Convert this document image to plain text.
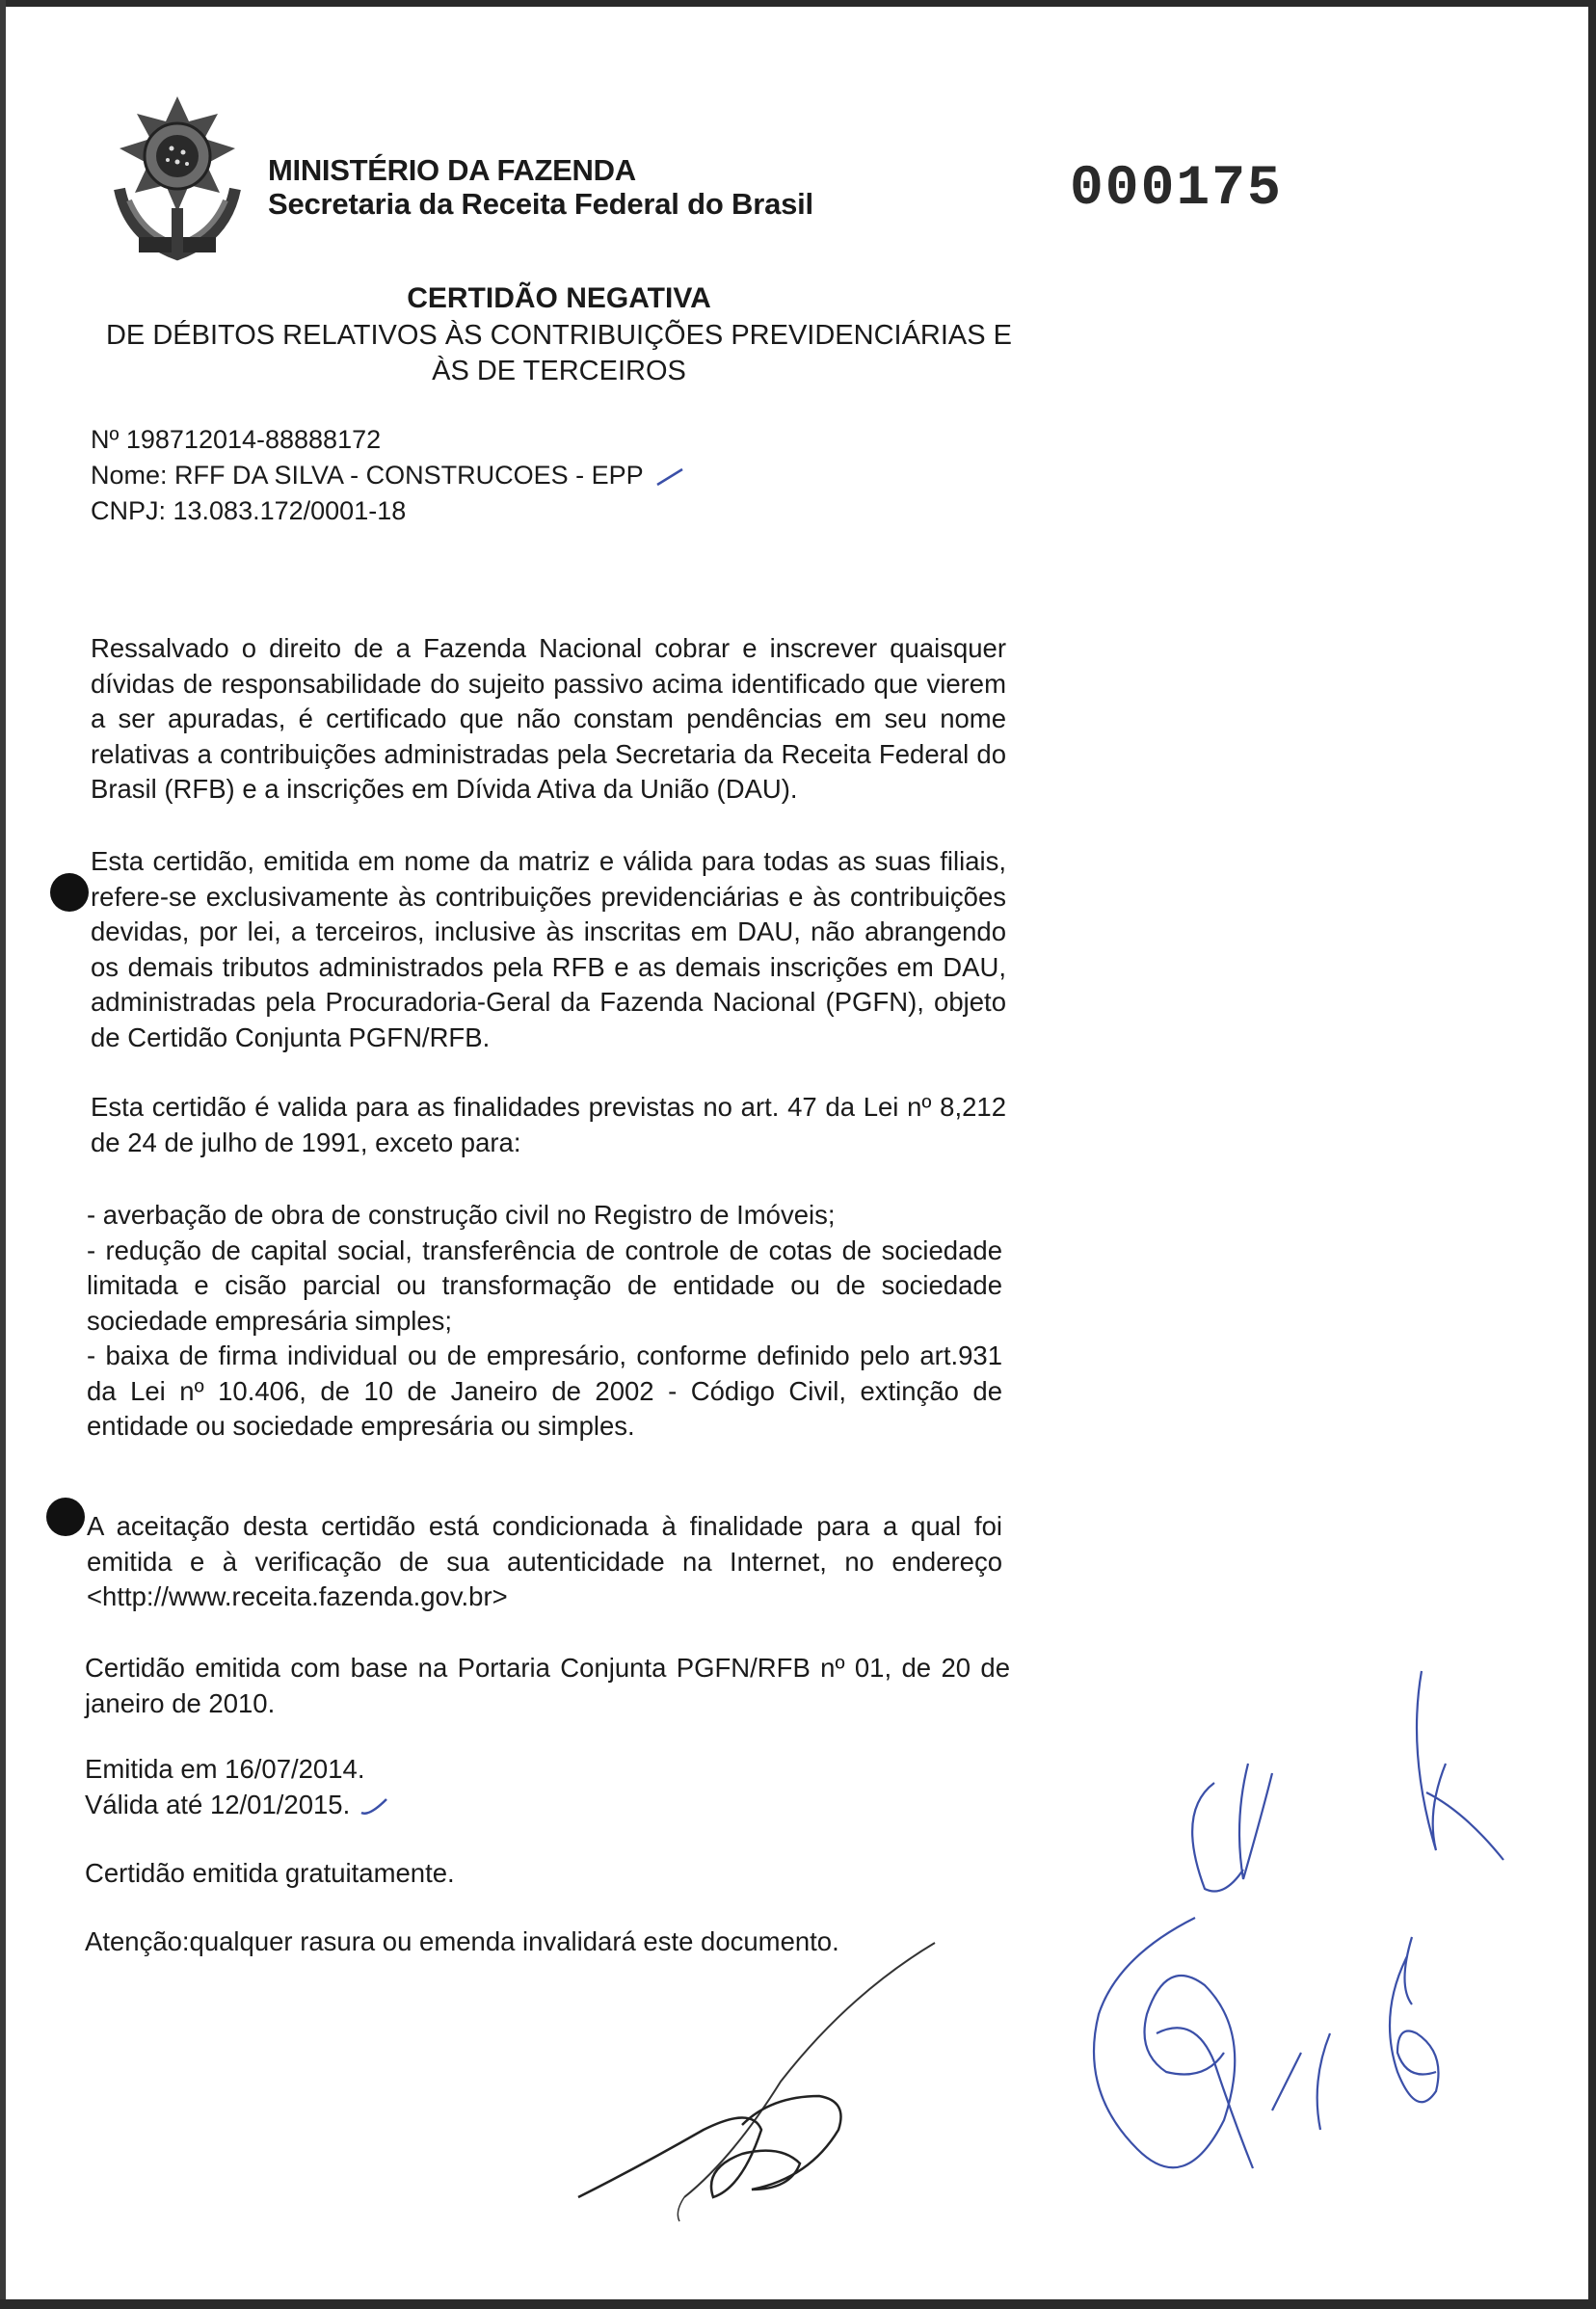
MINISTÉRIO DA FAZENDA
Secretaria da Receita Federal do Brasil	000175
CERTIDÃO NEGATIVA
DE DÉBITOS RELATIVOS ÀS CONTRIBUIÇÕES PREVIDENCIÁRIAS E
ÀS DE TERCEIROS
Nº 198712014-88888172
Nome: RFF DA SILVA - CONSTRUCOES - EPP
CNPJ: 13.083.172/0001-18
Ressalvado o direito de a Fazenda Nacional cobrar e inscrever quaisquer dívidas de responsabilidade do sujeito passivo acima identificado que vierem a ser apuradas, é certificado que não constam pendências em seu nome relativas a contribuições administradas pela Secretaria da Receita Federal do Brasil (RFB) e a inscrições em Dívida Ativa da União (DAU).
Esta certidão, emitida em nome da matriz e válida para todas as suas filiais, refere-se exclusivamente às contribuições previdenciárias e às contribuições devidas, por lei, a terceiros, inclusive às inscritas em DAU, não abrangendo os demais tributos administrados pela RFB e as demais inscrições em DAU, administradas pela Procuradoria-Geral da Fazenda Nacional (PGFN), objeto de Certidão Conjunta PGFN/RFB.
Esta certidão é valida para as finalidades previstas no art. 47 da Lei nº 8,212 de 24 de julho de 1991, exceto para:
- averbação de obra de construção civil no Registro de Imóveis;
- redução de capital social, transferência de controle de cotas de sociedade limitada e cisão parcial ou transformação de entidade ou de sociedade sociedade empresária simples;
- baixa de firma individual ou de empresário, conforme definido pelo art.931 da Lei nº 10.406, de 10 de Janeiro de 2002 - Código Civil, extinção de entidade ou sociedade empresária ou simples.
A aceitação desta certidão está condicionada à finalidade para a qual foi emitida e à verificação de sua autenticidade na Internet, no endereço <http://www.receita.fazenda.gov.br>
Certidão emitida com base na Portaria Conjunta PGFN/RFB nº 01, de 20 de janeiro de 2010.
Emitida em 16/07/2014.
Válida até 12/01/2015.
Certidão emitida gratuitamente.
Atenção:qualquer rasura ou emenda invalidará este documento.
